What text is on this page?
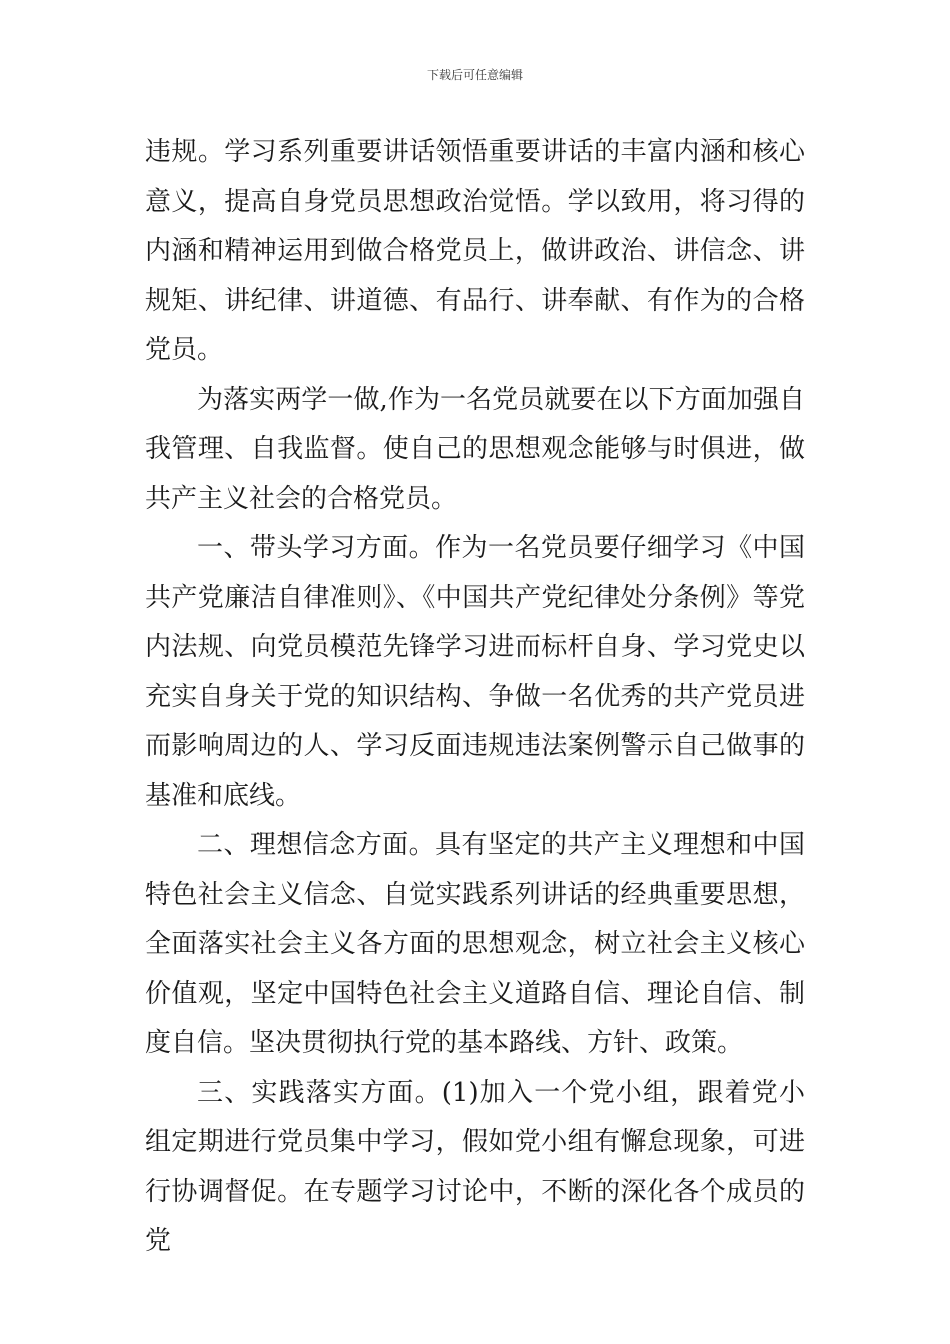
下载后可任意编辑

违规。学习系列重要讲话领悟重要讲话的丰富内涵和核心意义，提高自身党员思想政治觉悟。学以致用，将习得的内涵和精神运用到做合格党员上，做讲政治、讲信念、讲规矩、讲纪律、讲道德、有品行、讲奉献、有作为的合格党员。

为落实两学一做,作为一名党员就要在以下方面加强自我管理、自我监督。使自己的思想观念能够与时俱进，做共产主义社会的合格党员。

一、带头学习方面。作为一名党员要仔细学习《中国共产党廉洁自律准则》、《中国共产党纪律处分条例》等党内法规、向党员模范先锋学习进而标杆自身、学习党史以充实自身关于党的知识结构、争做一名优秀的共产党员进而影响周边的人、学习反面违规违法案例警示自己做事的基准和底线。

二、理想信念方面。具有坚定的共产主义理想和中国特色社会主义信念、自觉实践系列讲话的经典重要思想，全面落实社会主义各方面的思想观念，树立社会主义核心价值观，坚定中国特色社会主义道路自信、理论自信、制度自信。坚决贯彻执行党的基本路线、方针、政策。

三、实践落实方面。(1)加入一个党小组，跟着党小组定期进行党员集中学习，假如党小组有懈怠现象，可进行协调督促。在专题学习讨论中，不断的深化各个成员的党
